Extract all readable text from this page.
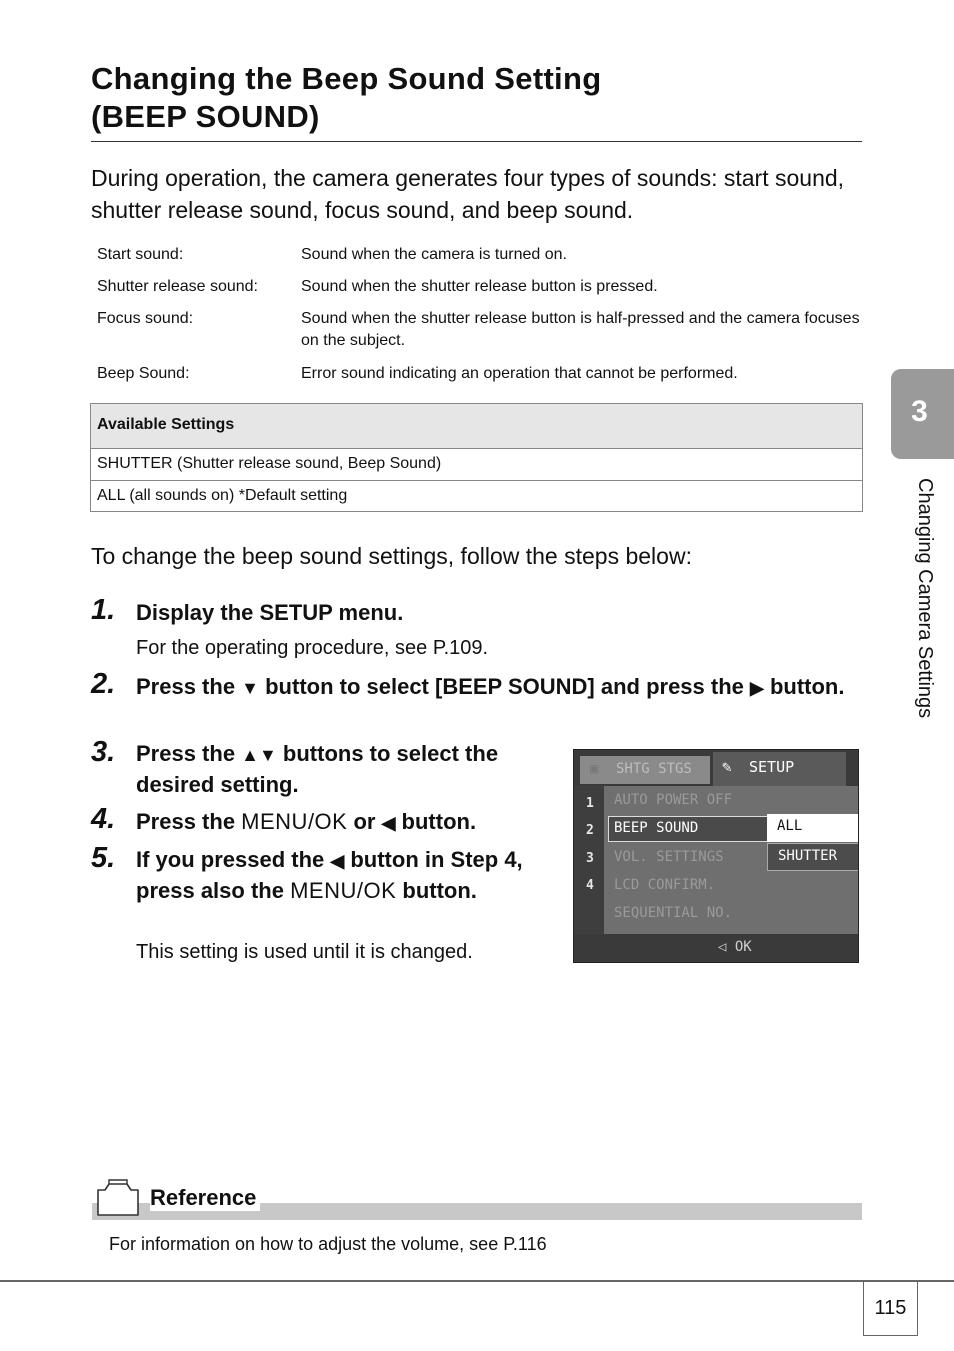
Changing the Beep Sound Setting
(BEEP SOUND)

During operation, the camera generates four types of sounds: start sound, shutter release sound, focus sound, and beep sound.

Start sound:	Sound when the camera is turned on.
Shutter release sound:	Sound when the shutter release button is pressed.
Focus sound:	Sound when the shutter release button is half-pressed and the camera focuses on the subject.
Beep Sound:	Error sound indicating an operation that cannot be performed.
Available Settings
SHUTTER (Shutter release sound, Beep Sound)
ALL (all sounds on) *Default setting

To change the beep sound settings, follow the steps below:

1. Display the SETUP menu.
For the operating procedure, see P.109.
2. Press the ▼ button to select [BEEP SOUND] and press the ▶ button.
3. Press the ▲▼ buttons to select the desired setting.
4. Press the MENU/OK or ◀ button.
5. If you pressed the ◀ button in Step 4, press also the MENU/OK button.
This setting is used until it is changed.
▣ SHTG STGS	✎ SETUP
1
2
3
4
AUTO POWER OFF
BEEP SOUND
VOL. SETTINGS
LCD CONFIRM.
SEQUENTIAL NO.
ALL
SHUTTER
◁ OK
3
Changing Camera Settings
Reference
For information on how to adjust the volume, see P.116
115
